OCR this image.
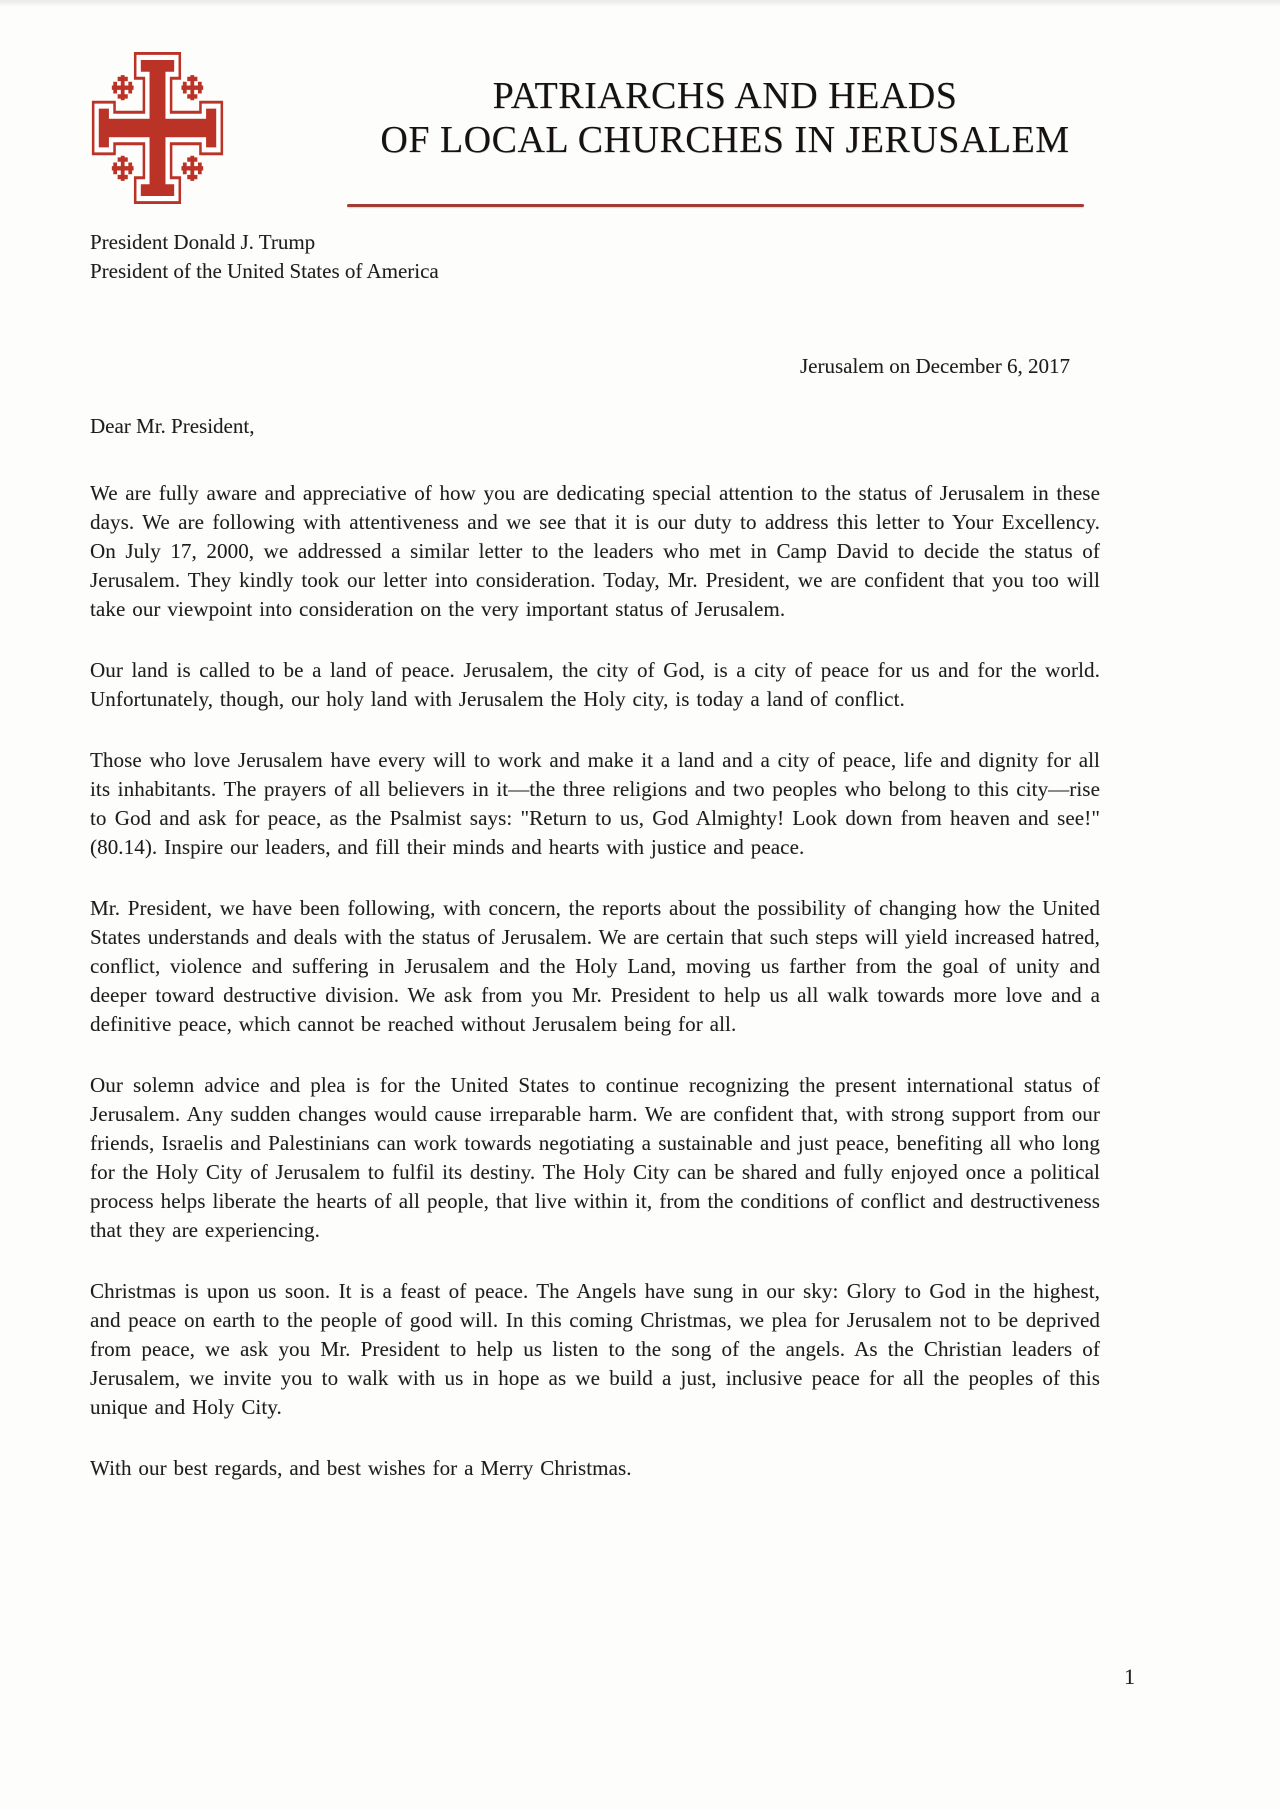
PATRIARCHS AND HEADS
OF LOCAL CHURCHES IN JERUSALEM

President Donald J. Trump

President of the United States of America

Jerusalem on December 6, 2017
Dear Mr. President,

We are fully aware and appreciative of how you are dedicating special attention to the status of Jerusalem in these days. We are following with attentiveness and we see that it is our duty to address this letter to Your Excellency. On July 17, 2000, we addressed a similar letter to the leaders who met in Camp David to decide the status of Jerusalem. They kindly took our letter into consideration. Today, Mr. President, we are confident that you too will take our viewpoint into consideration on the very important status of Jerusalem.

Our land is called to be a land of peace. Jerusalem, the city of God, is a city of peace for us and for the world. Unfortunately, though, our holy land with Jerusalem the Holy city, is today a land of conflict.

Those who love Jerusalem have every will to work and make it a land and a city of peace, life and dignity for all its inhabitants. The prayers of all believers in it—the three religions and two peoples who belong to this city—rise to God and ask for peace, as the Psalmist says: "Return to us, God Almighty! Look down from heaven and see!" (80.14). Inspire our leaders, and fill their minds and hearts with justice and peace.

Mr. President, we have been following, with concern, the reports about the possibility of changing how the United States understands and deals with the status of Jerusalem. We are certain that such steps will yield increased hatred, conflict, violence and suffering in Jerusalem and the Holy Land, moving us farther from the goal of unity and deeper toward destructive division. We ask from you Mr. President to help us all walk towards more love and a definitive peace, which cannot be reached without Jerusalem being for all.

Our solemn advice and plea is for the United States to continue recognizing the present international status of Jerusalem. Any sudden changes would cause irreparable harm. We are confident that, with strong support from our friends, Israelis and Palestinians can work towards negotiating a sustainable and just peace, benefiting all who long for the Holy City of Jerusalem to fulfil its destiny. The Holy City can be shared and fully enjoyed once a political process helps liberate the hearts of all people, that live within it, from the conditions of conflict and destructiveness that they are experiencing.

Christmas is upon us soon. It is a feast of peace. The Angels have sung in our sky: Glory to God in the highest, and peace on earth to the people of good will. In this coming Christmas, we plea for Jerusalem not to be deprived from peace, we ask you Mr. President to help us listen to the song of the angels. As the Christian leaders of Jerusalem, we invite you to walk with us in hope as we build a just, inclusive peace for all the peoples of this unique and Holy City.

With our best regards, and best wishes for a Merry Christmas.

1
